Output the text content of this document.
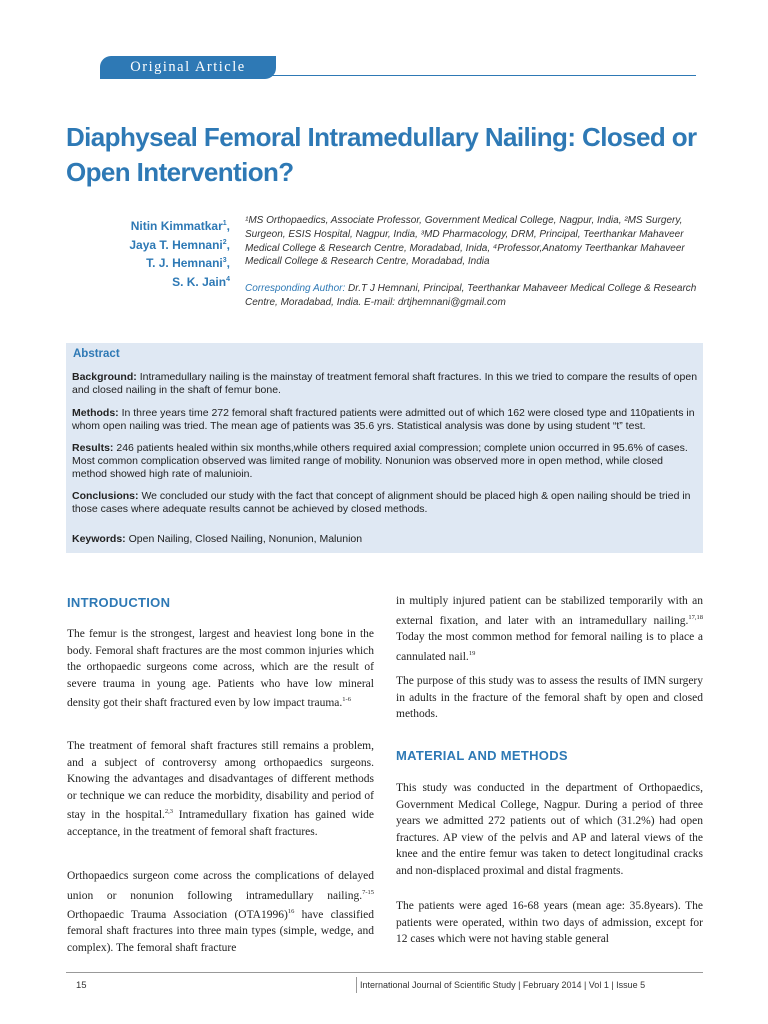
Original Article
Diaphyseal Femoral Intramedullary Nailing: Closed or Open Intervention?
Nitin Kimmatkar$^1$,
Jaya T. Hemnani$^2$,
T. J. Hemnani$^3$,
S. K. Jain$^4$
¹MS Orthopaedics, Associate Professor, Government Medical College, Nagpur, India, ²MS Surgery, Surgeon, ESIS Hospital, Nagpur, India, ³MD Pharmacology, DRM, Principal, Teerthankar Mahaveer Medical College & Research Centre, Moradabad, Inida, ⁴Professor,Anatomy Teerthankar Mahaveer Medicall College & Research Centre, Moradabad, India
Corresponding Author: Dr.T J Hemnani, Principal, Teerthankar Mahaveer Medical College & Research Centre, Moradabad, India. E-mail: drtjhemnani@gmail.com
Abstract
Background: Intramedullary nailing is the mainstay of treatment femoral shaft fractures. In this we tried to compare the results of open and closed nailing in the shaft of femur bone.
Methods: In three years time 272 femoral shaft fractured patients were admitted out of which 162 were closed type and 110patients in whom open nailing was tried. The mean age of patients was 35.6 yrs. Statistical analysis was done by using student “t” test.
Results: 246 patients healed within six months,while others required axial compression; complete union occurred in 95.6% of cases. Most common complication observed was limited range of mobility. Nonunion was observed more in open method, while closed method showed high rate of malunioin.
Conclusions: We concluded our study with the fact that concept of alignment should be placed high & open nailing should be tried in those cases where adequate results cannot be achieved by closed methods.
Keywords: Open Nailing, Closed Nailing, Nonunion, Malunion
INTRODUCTION
The femur is the strongest, largest and heaviest long bone in the body. Femoral shaft fractures are the most common injuries which the orthopaedic surgeons come across, which are the result of severe trauma in young age. Patients who have low mineral density got their shaft fractured even by low impact trauma.$^{1-6}$
The treatment of femoral shaft fractures still remains a problem, and a subject of controversy among orthopaedics surgeons. Knowing the advantages and disadvantages of different methods or technique we can reduce the morbidity, disability and period of stay in the hospital.$^{2,3}$ Intramedullary fixation has gained wide acceptance, in the treatment of femoral shaft fractures.
Orthopaedics surgeon come across the complications of delayed union or nonunion following intramedullary nailing.$^{7-15}$ Orthopaedic Trauma Association $(OTA1996)^{16}$ have classified femoral shaft fractures into three main types (simple, wedge, and complex). The femoral shaft fracture
in multiply injured patient can be stabilized temporarily with an external fixation, and later with an intramedullary nailing.$^{17,18}$ Today the most common method for femoral nailing is to place a cannulated nail.$^{19}$
The purpose of this study was to assess the results of IMN surgery in adults in the fracture of the femoral shaft by open and closed methods.
MATERIAL AND METHODS
This study was conducted in the department of Orthopaedics, Government Medical College, Nagpur. During a period of three years we admitted 272 patients out of which (31.2%) had open fractures. AP view of the pelvis and AP and lateral views of the knee and the entire femur was taken to detect longitudinal cracks and non-displaced proximal and distal fragments.
The patients were aged 16-68 years (mean age: 35.8years). The patients were operated, within two days of admission, except for 12 cases which were not having stable general
15	International Journal of Scientific Study | February 2014 | Vol 1 | Issue 5
